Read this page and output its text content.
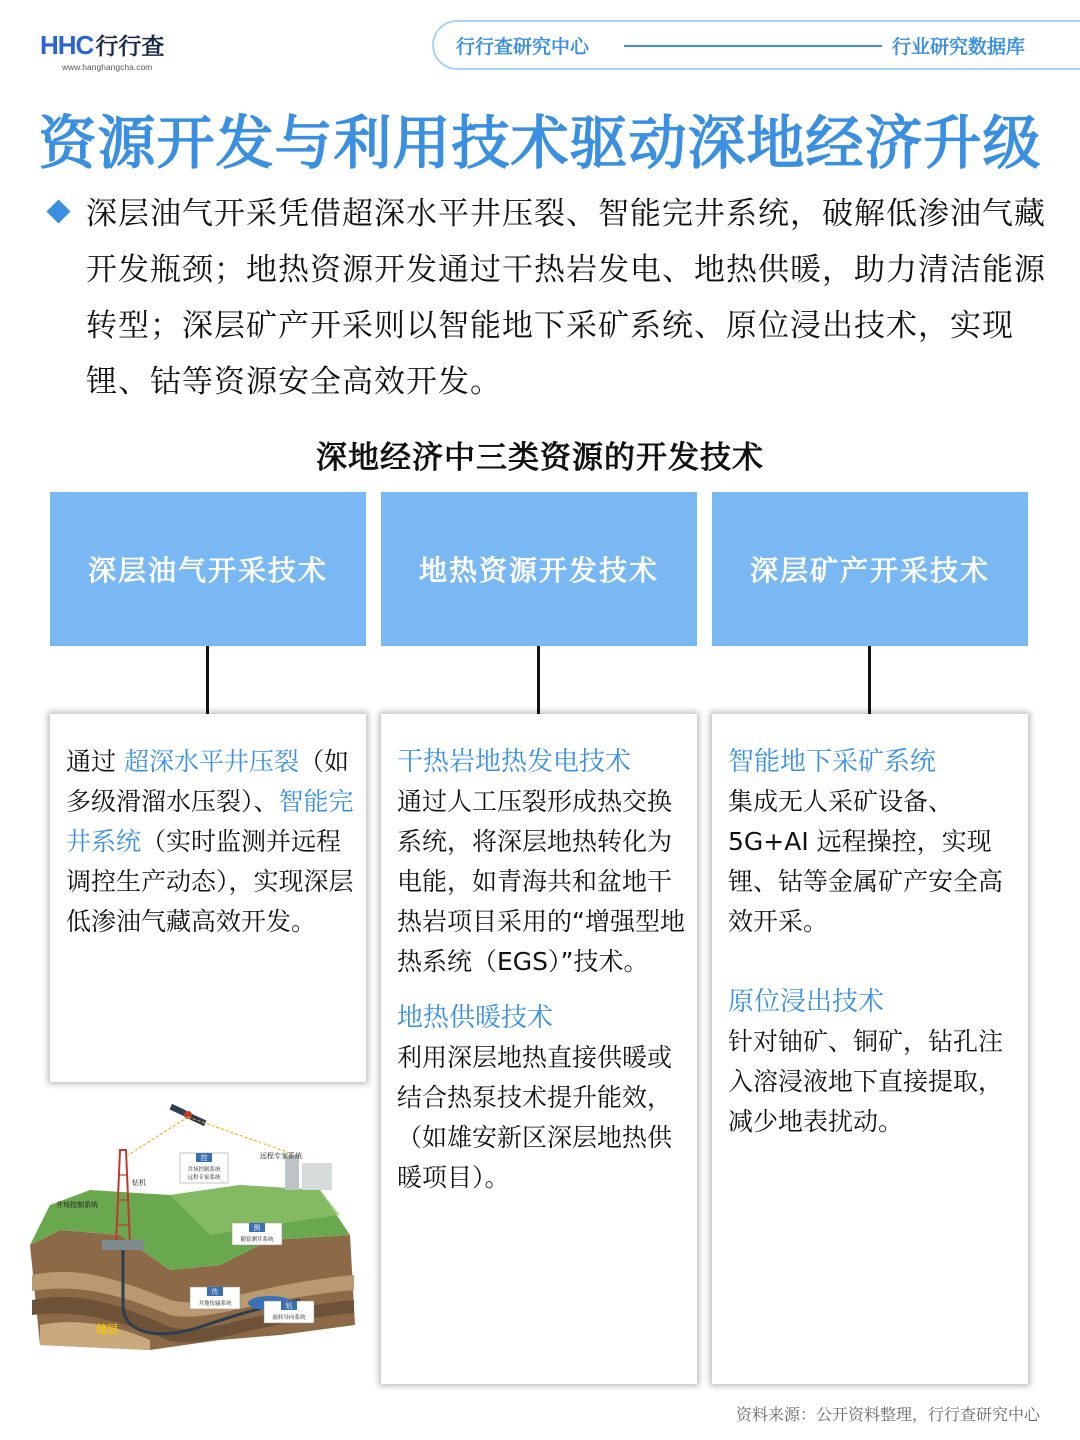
HHC 行行查
www.hanghangcha.com
行行查研究中心	行业研究数据库
资源开发与利用技术驱动深地经济升级
深层油气开采凭借超深水平井压裂、智能完井系统，破解低渗油气藏开发瓶颈；地热资源开发通过干热岩发电、地热供暖，助力清洁能源转型；深层矿产开采则以智能地下采矿系统、原位浸出技术，实现锂、钴等资源安全高效开发。
深地经济中三类资源的开发技术
深层油气开采技术	地热资源开发技术	深层矿产开采技术
通过 超深水平井压裂（如多级滑溜水压裂）、智能完井系统（实时监测并远程调控生产动态），实现深层低渗油气藏高效开发。
干热岩地热发电技术
通过人工压裂形成热交换系统，将深层地热转化为电能，如青海共和盆地干热岩项目采用的“增强型地热系统（EGS）”技术。
地热供暖技术
利用深层地热直接供暖或结合热泵技术提升能效，（如雄安新区深层地热供暖项目）。
智能地下采矿系统
集成无人采矿设备、5G+AI 远程操控，实现锂、钴等金属矿产安全高效开采。
原位浸出技术
针对铀矿、铜矿，钻孔注入溶浸液地下直接提取，减少地表扰动。
控
井场控制系统
远程专家系统
远程专家系统
钻机
井场控制系统
测
随钻测井系统
传
井地传输系统	钻
旋转导向系统
储层
资料来源：公开资料整理，行行查研究中心
